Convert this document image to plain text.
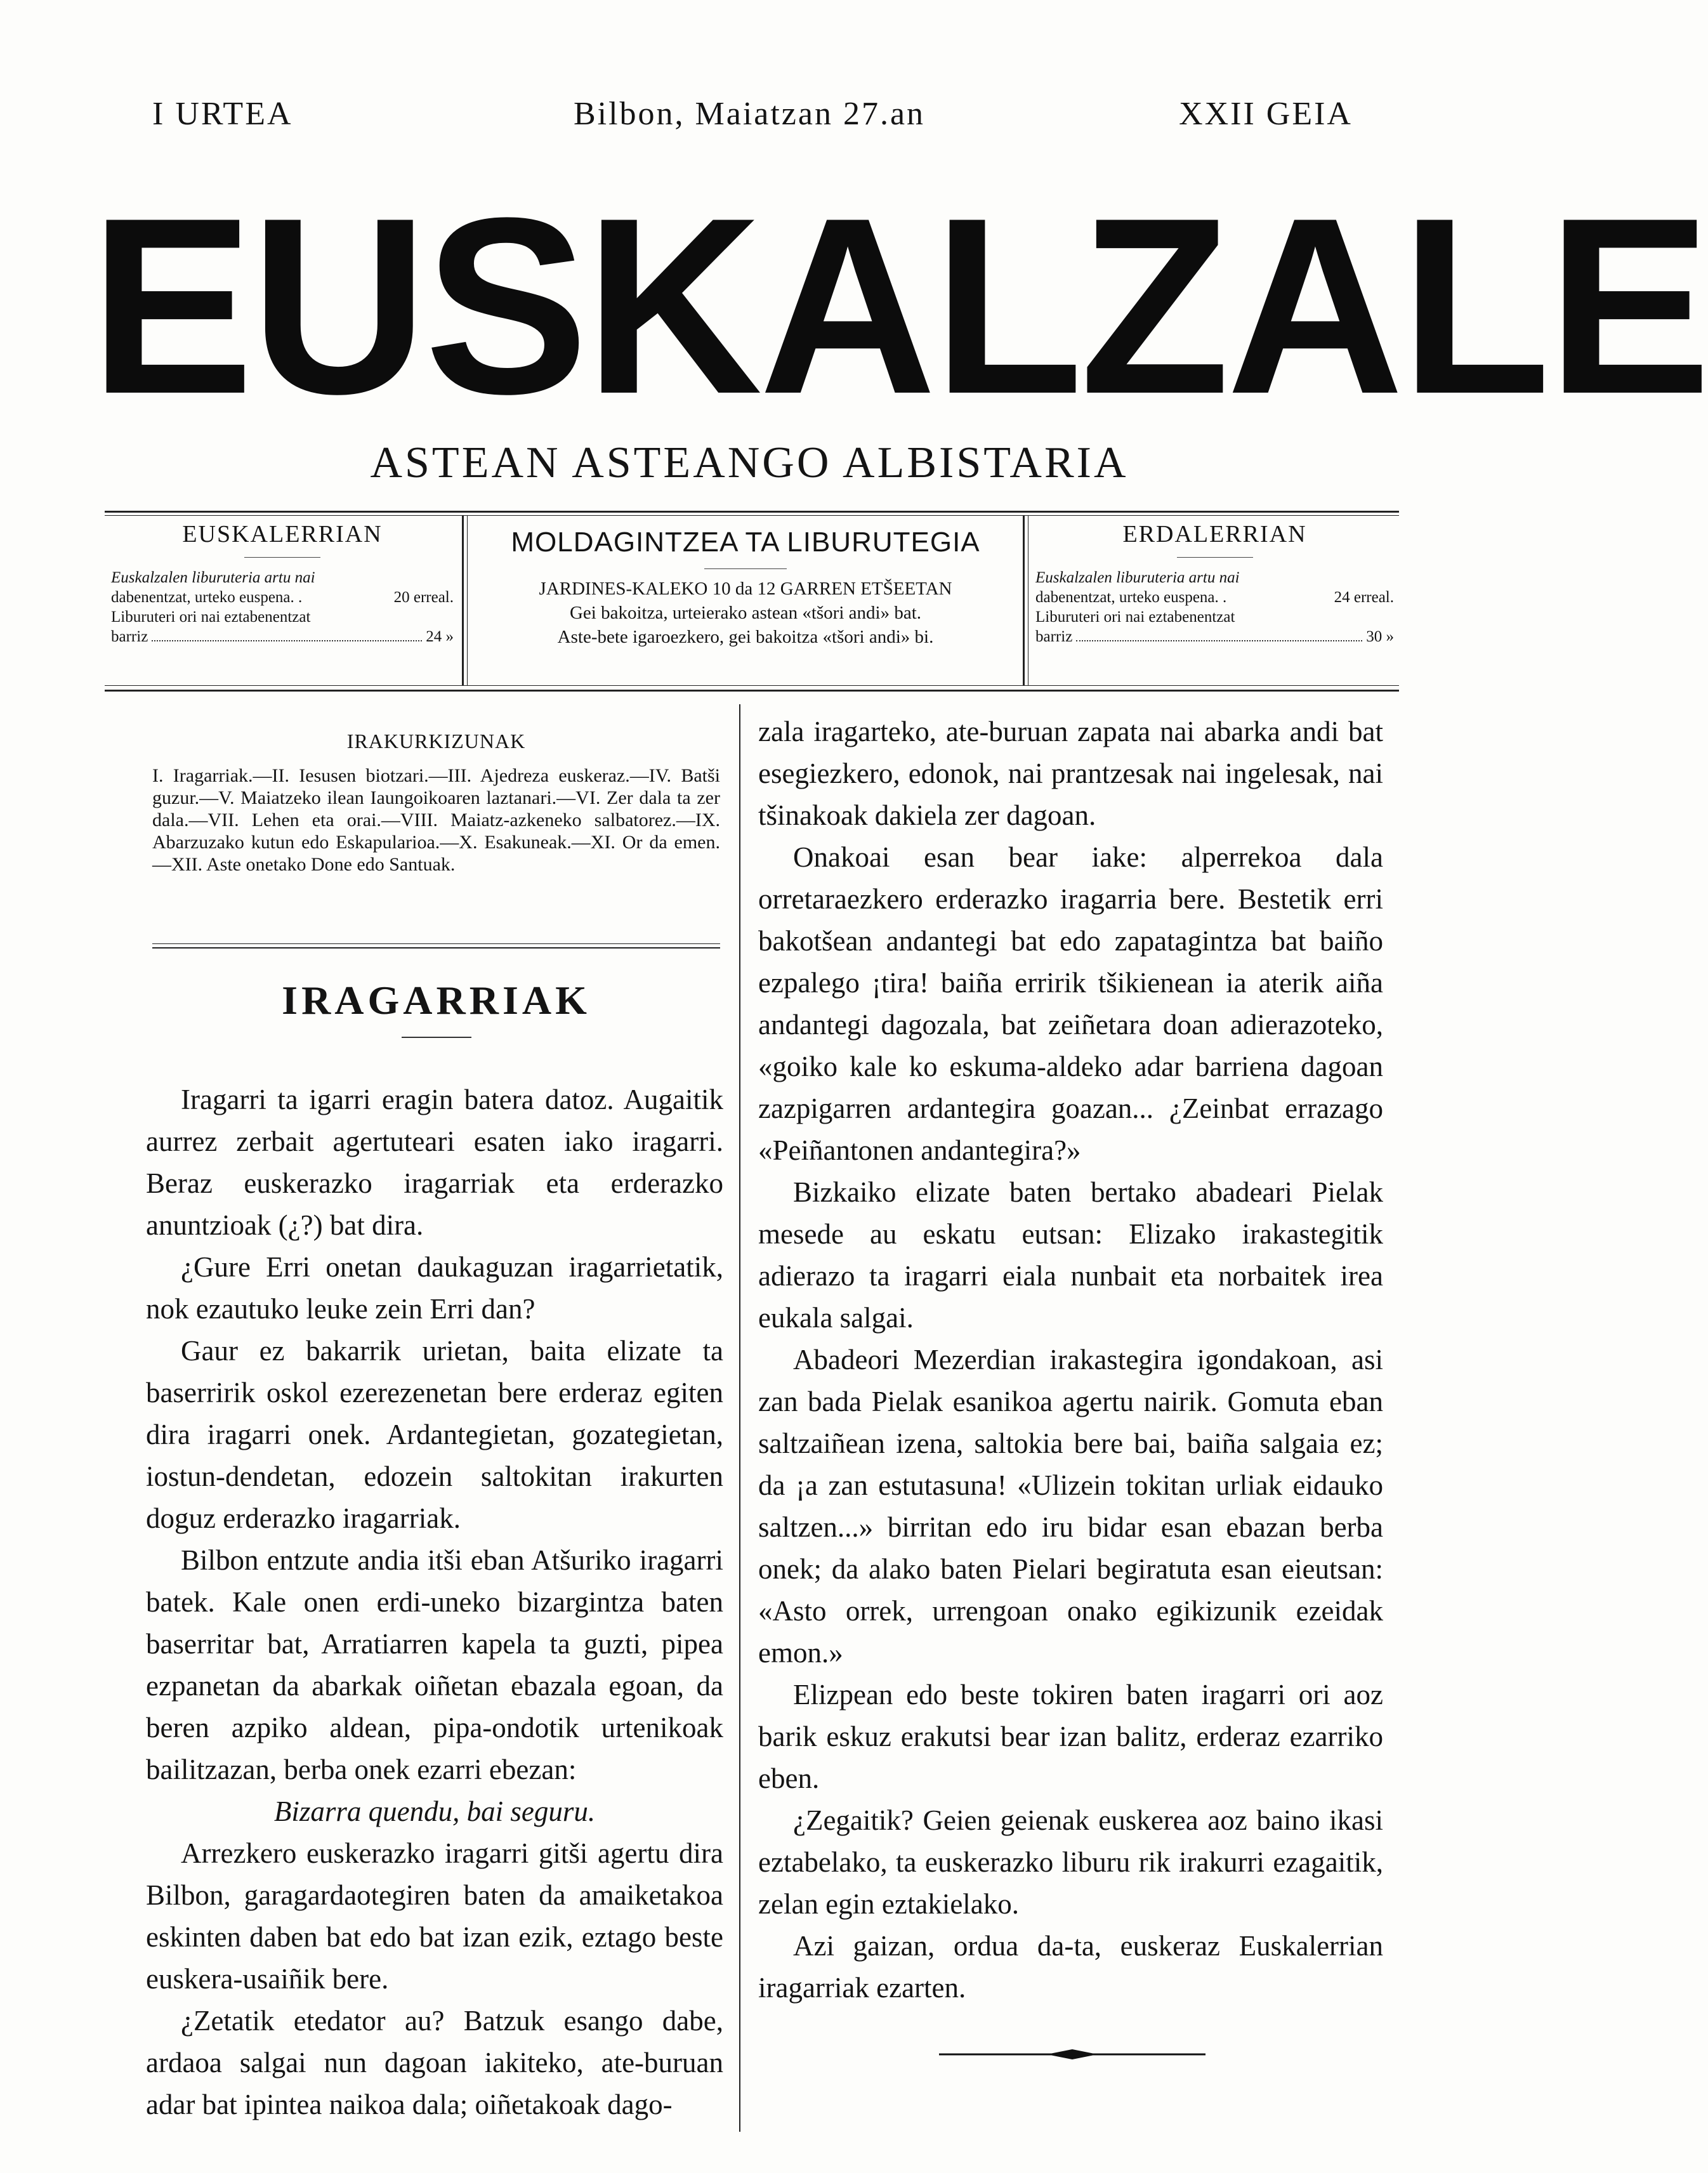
I URTEA	Bilbon, Maiatzan 27.an	XXII GEIA
EUSKALZALE
ASTEAN ASTEANGO ALBISTARIA
EUSKALERRIAN
Euskalzalen liburuteria artu nai
dabenentzat, urteko euspena. .	20 erreal.
Liburuteri ori nai eztabenentzat
barriz	24 »
MOLDAGINTZEA TA LIBURUTEGIA
JARDINES-KALEKO 10 da 12 GARREN ETŠEETAN
Gei bakoitza, urteierako astean «tšori andi» bat.
Aste-bete igaroezkero, gei bakoitza «tšori andi» bi.
ERDALERRIAN
Euskalzalen liburuteria artu nai
dabenentzat, urteko euspena. .	24 erreal.
Liburuteri ori nai eztabenentzat
barriz	30 »
IRAKURKIZUNAK
I. Iragarriak.—II. Iesusen biotzari.—III. Ajedreza euskeraz.—IV. Batši guzur.—V. Maiatzeko ilean Iaungoikoaren laztanari.—VI. Zer dala ta zer dala.—VII. Lehen eta orai.—VIII. Maiatz-azkeneko salbatorez.—IX. Abarzuzako kutun edo Eskapularioa.—X. Esakuneak.—XI. Or da emen.—XII. Aste onetako Done edo Santuak.
IRAGARRIAK

Iragarri ta igarri eragin batera datoz. Augaitik aurrez zerbait agertuteari esaten iako iragarri. Beraz euskerazko iragarriak eta erderazko anuntzioak (¿?) bat dira.

¿Gure Erri onetan daukaguzan iragarrietatik, nok ezautuko leuke zein Erri dan?

Gaur ez bakarrik urietan, baita elizate ta baserririk oskol ezerezenetan bere erderaz egiten dira iragarri onek. Ardantegietan, gozategietan, iostun-dendetan, edozein saltokitan irakurten doguz erderazko iragarriak.

Bilbon entzute andia itši eban Atšuriko iragarri batek. Kale onen erdi-uneko bizargintza baten baserritar bat, Arratiarren kapela ta guzti, pipea ezpanetan da abarkak oiñetan ebazala egoan, da beren azpiko aldean, pipa-ondotik urtenikoak bailitzazan, berba onek ezarri ebezan:

Bizarra quendu, bai seguru.

Arrezkero euskerazko iragarri gitši agertu dira Bilbon, garagardaotegiren baten da amaiketakoa eskinten daben bat edo bat izan ezik, eztago beste euskera-usaiñik bere.

¿Zetatik etedator au? Batzuk esango dabe, ardaoa salgai nun dagoan iakiteko, ate-buruan adar bat ipintea naikoa dala; oiñetakoak dago-

zala iragarteko, ate-buruan zapata nai abarka andi bat esegiezkero, edonok, nai prantzesak nai ingelesak, nai tšinakoak dakiela zer dagoan.

Onakoai esan bear iake: alperrekoa dala orretaraezkero erderazko iragarria bere. Bestetik erri bakotšean andantegi bat edo zapatagintza bat baiño ezpalego ¡tira! baiña erririk tšikienean ia aterik aiña andantegi dagozala, bat zeiñetara doan adierazoteko, «goiko kale ko eskuma-aldeko adar barriena dagoan zazpigarren ardantegira goazan... ¿Zeinbat errazago «Peiñantonen andantegira?»

Bizkaiko elizate baten bertako abadeari Pielak mesede au eskatu eutsan: Elizako irakastegitik adierazo ta iragarri eiala nunbait eta norbaitek irea eukala salgai.

Abadeori Mezerdian irakastegira igondakoan, asi zan bada Pielak esanikoa agertu nairik. Gomuta eban saltzaiñean izena, saltokia bere bai, baiña salgaia ez; da ¡a zan estutasuna! «Ulizein tokitan urliak eidauko saltzen...» birritan edo iru bidar esan ebazan berba onek; da alako baten Pielari begiratuta esan eieutsan: «Asto orrek, urrengoan onako egikizunik ezeidak emon.»

Elizpean edo beste tokiren baten iragarri ori aoz barik eskuz erakutsi bear izan balitz, erderaz ezarriko eben.

¿Zegaitik? Geien geienak euskerea aoz baino ikasi eztabelako, ta euskerazko liburu rik irakurri ezagaitik, zelan egin eztakielako.

Azi gaizan, ordua da-ta, euskeraz Euskalerrian iragarriak ezarten.
